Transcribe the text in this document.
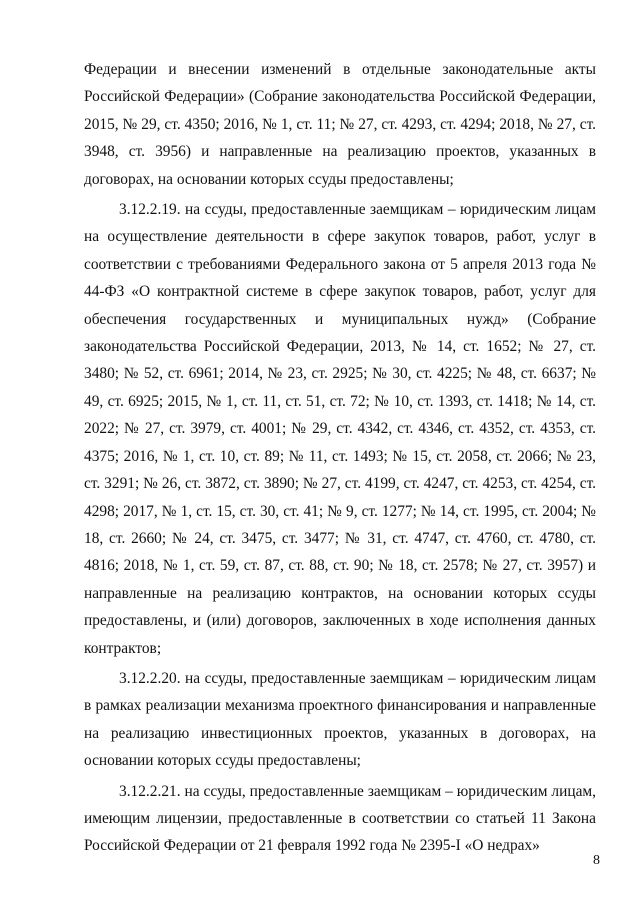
Федерации и внесении изменений в отдельные законодательные акты Российской Федерации» (Собрание законодательства Российской Федерации, 2015, № 29, ст. 4350; 2016, № 1, ст. 11; № 27, ст. 4293, ст. 4294; 2018, № 27, ст. 3948, ст. 3956) и направленные на реализацию проектов, указанных в договорах, на основании которых ссуды предоставлены;

3.12.2.19. на ссуды, предоставленные заемщикам – юридическим лицам на осуществление деятельности в сфере закупок товаров, работ, услуг в соответствии с требованиями Федерального закона от 5 апреля 2013 года № 44-ФЗ «О контрактной системе в сфере закупок товаров, работ, услуг для обеспечения государственных и муниципальных нужд» (Собрание законодательства Российской Федерации, 2013, № 14, ст. 1652; № 27, ст. 3480; № 52, ст. 6961; 2014, № 23, ст. 2925; № 30, ст. 4225; № 48, ст. 6637; № 49, ст. 6925; 2015, № 1, ст. 11, ст. 51, ст. 72; № 10, ст. 1393, ст. 1418; № 14, ст. 2022; № 27, ст. 3979, ст. 4001; № 29, ст. 4342, ст. 4346, ст. 4352, ст. 4353, ст. 4375; 2016, № 1, ст. 10, ст. 89; № 11, ст. 1493; № 15, ст. 2058, ст. 2066; № 23, ст. 3291; № 26, ст. 3872, ст. 3890; № 27, ст. 4199, ст. 4247, ст. 4253, ст. 4254, ст. 4298; 2017, № 1, ст. 15, ст. 30, ст. 41; № 9, ст. 1277; № 14, ст. 1995, ст. 2004; № 18, ст. 2660; № 24, ст. 3475, ст. 3477; № 31, ст. 4747, ст. 4760, ст. 4780, ст. 4816; 2018, № 1, ст. 59, ст. 87, ст. 88, ст. 90; № 18, ст. 2578; № 27, ст. 3957) и направленные на реализацию контрактов, на основании которых ссуды предоставлены, и (или) договоров, заключенных в ходе исполнения данных контрактов;

3.12.2.20. на ссуды, предоставленные заемщикам – юридическим лицам в рамках реализации механизма проектного финансирования и направленные на реализацию инвестиционных проектов, указанных в договорах, на основании которых ссуды предоставлены;

3.12.2.21. на ссуды, предоставленные заемщикам – юридическим лицам, имеющим лицензии, предоставленные в соответствии со статьей 11 Закона Российской Федерации от 21 февраля 1992 года № 2395-I «О недрах»

8
